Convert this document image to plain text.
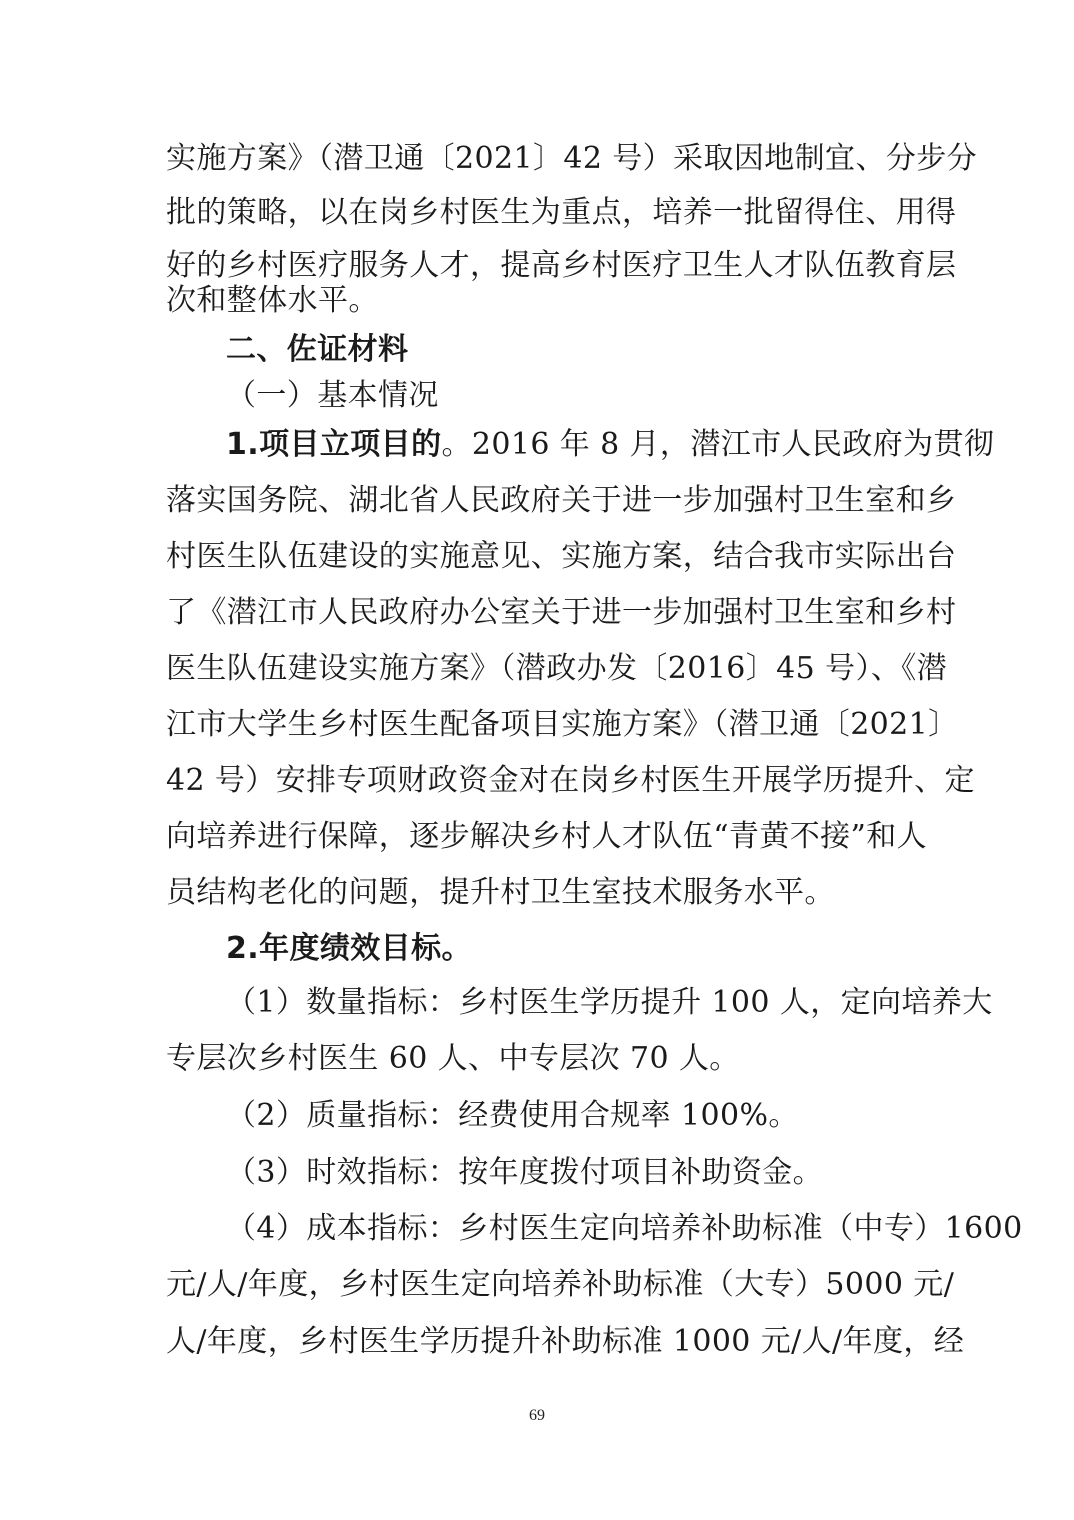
实施方案》（潜卫通〔2021〕42 号）采取因地制宜、分步分
批的策略，以在岗乡村医生为重点，培养一批留得住、用得
好的乡村医疗服务人才，提高乡村医疗卫生人才队伍教育层
次和整体水平。
二、佐证材料
（一）基本情况
1.项目立项目的。2016 年 8 月，潜江市人民政府为贯彻
落实国务院、湖北省人民政府关于进一步加强村卫生室和乡
村医生队伍建设的实施意见、实施方案，结合我市实际出台
了《潜江市人民政府办公室关于进一步加强村卫生室和乡村
医生队伍建设实施方案》（潜政办发〔2016〕45 号）、《潜
江市大学生乡村医生配备项目实施方案》（潜卫通〔2021〕
42 号）安排专项财政资金对在岗乡村医生开展学历提升、定
向培养进行保障，逐步解决乡村人才队伍“青黄不接”和人
员结构老化的问题，提升村卫生室技术服务水平。
2.年度绩效目标。
（1）数量指标：乡村医生学历提升 100 人，定向培养大
专层次乡村医生 60 人、中专层次 70 人。
（2）质量指标：经费使用合规率 100%。
（3）时效指标：按年度拨付项目补助资金。
（4）成本指标：乡村医生定向培养补助标准（中专）1600
元/人/年度，乡村医生定向培养补助标准（大专）5000 元/
人/年度，乡村医生学历提升补助标准 1000 元/人/年度，经
69
